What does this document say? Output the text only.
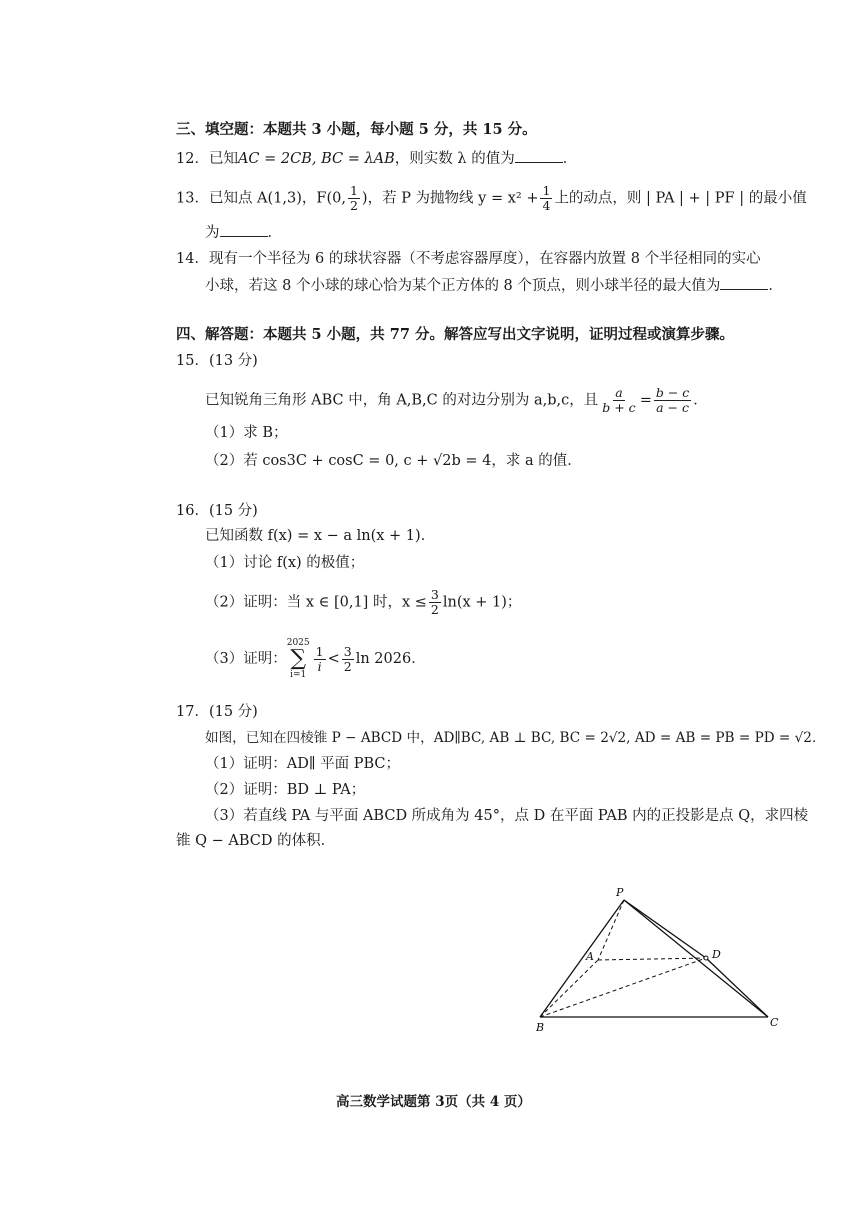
三、填空题：本题共 3 小题，每小题 5 分，共 15 分。
12．已知AC = 2CB, BC = λAB，则实数 λ 的值为	．
13．已知点 A(1,3)，F(0, $\frac{1}{2}$ )，若 P 为抛物线 $y = x^2 + \frac{1}{4}$ 上的动点，则 | PA | + | PF | 的最小值
为	．
14．现有一个半径为 6 的球状容器（不考虑容器厚度），在容器内放置 8 个半径相同的实心
小球，若这 8 个小球的球心恰为某个正方体的 8 个顶点，则小球半径的最大值为	．
四、解答题：本题共 5 小题，共 77 分。解答应写出文字说明，证明过程或演算步骤。
15．(13 分)
已知锐角三角形 ABC 中，角 A,B,C 的对边分别为 a,b,c，且 $\frac{a}{b + c} = \frac{b - c}{a - c}$ ．
（1）求 B；
（2）若 cos3C + cosC = 0, c + √2b = 4，求 a 的值．
16．(15 分)
已知函数 f(x) = x − a ln(x + 1)．
（1）讨论 f(x) 的极值；
（2）证明：当 x ∈ [0,1] 时，$x \le \frac{3}{2} \ln(x + 1)$；
（3）证明：
2025
∑
i=1
$\frac{1}{i} < \frac{3}{2}$ ln 2026．
17．(15 分)
如图，已知在四棱锥 P − ABCD 中，AD∥BC, AB ⊥ BC, BC = 2√2, AD = AB = PB = PD = √2．
（1）证明：AD∥ 平面 PBC；
（2）证明：BD ⊥ PA；
（3）若直线 PA 与平面 ABCD 所成角为 45°，点 D 在平面 PAB 内的正投影是点 Q，求四棱
锥 Q − ABCD 的体积．
P
A	D
B	C
高三数学试题第 3页（共 4 页）
